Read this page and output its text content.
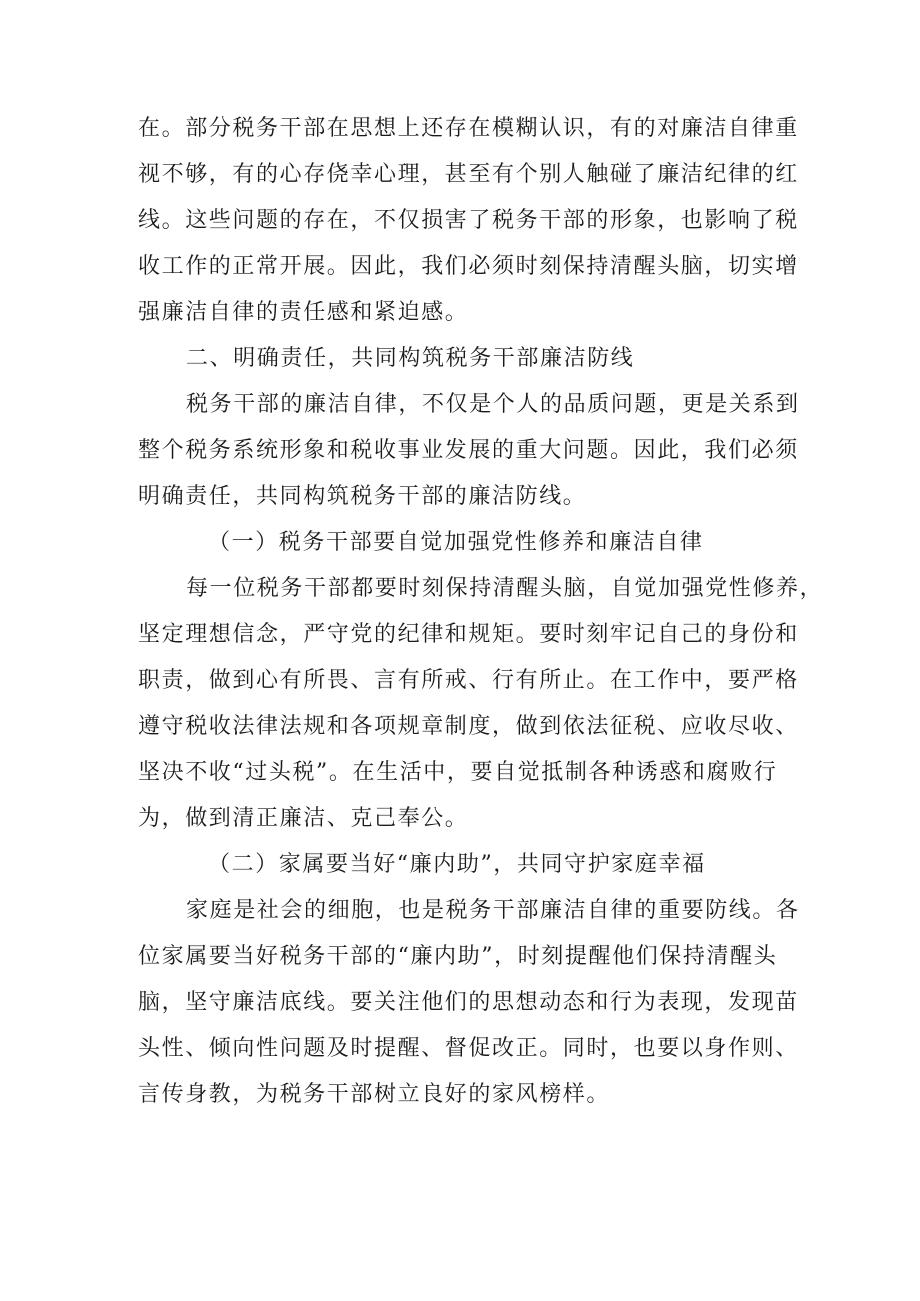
在。部分税务干部在思想上还存在模糊认识，有的对廉洁自律重
视不够，有的心存侥幸心理，甚至有个别人触碰了廉洁纪律的红
线。这些问题的存在，不仅损害了税务干部的形象，也影响了税
收工作的正常开展。因此，我们必须时刻保持清醒头脑，切实增
强廉洁自律的责任感和紧迫感。
二、明确责任，共同构筑税务干部廉洁防线
税务干部的廉洁自律，不仅是个人的品质问题，更是关系到
整个税务系统形象和税收事业发展的重大问题。因此，我们必须
明确责任，共同构筑税务干部的廉洁防线。
（一）税务干部要自觉加强党性修养和廉洁自律
每一位税务干部都要时刻保持清醒头脑，自觉加强党性修养，
坚定理想信念，严守党的纪律和规矩。要时刻牢记自己的身份和
职责，做到心有所畏、言有所戒、行有所止。在工作中，要严格
遵守税收法律法规和各项规章制度，做到依法征税、应收尽收、
坚决不收“过头税”。在生活中，要自觉抵制各种诱惑和腐败行
为，做到清正廉洁、克己奉公。
（二）家属要当好“廉内助”，共同守护家庭幸福
家庭是社会的细胞，也是税务干部廉洁自律的重要防线。各
位家属要当好税务干部的“廉内助”，时刻提醒他们保持清醒头
脑，坚守廉洁底线。要关注他们的思想动态和行为表现，发现苗
头性、倾向性问题及时提醒、督促改正。同时，也要以身作则、
言传身教，为税务干部树立良好的家风榜样。
